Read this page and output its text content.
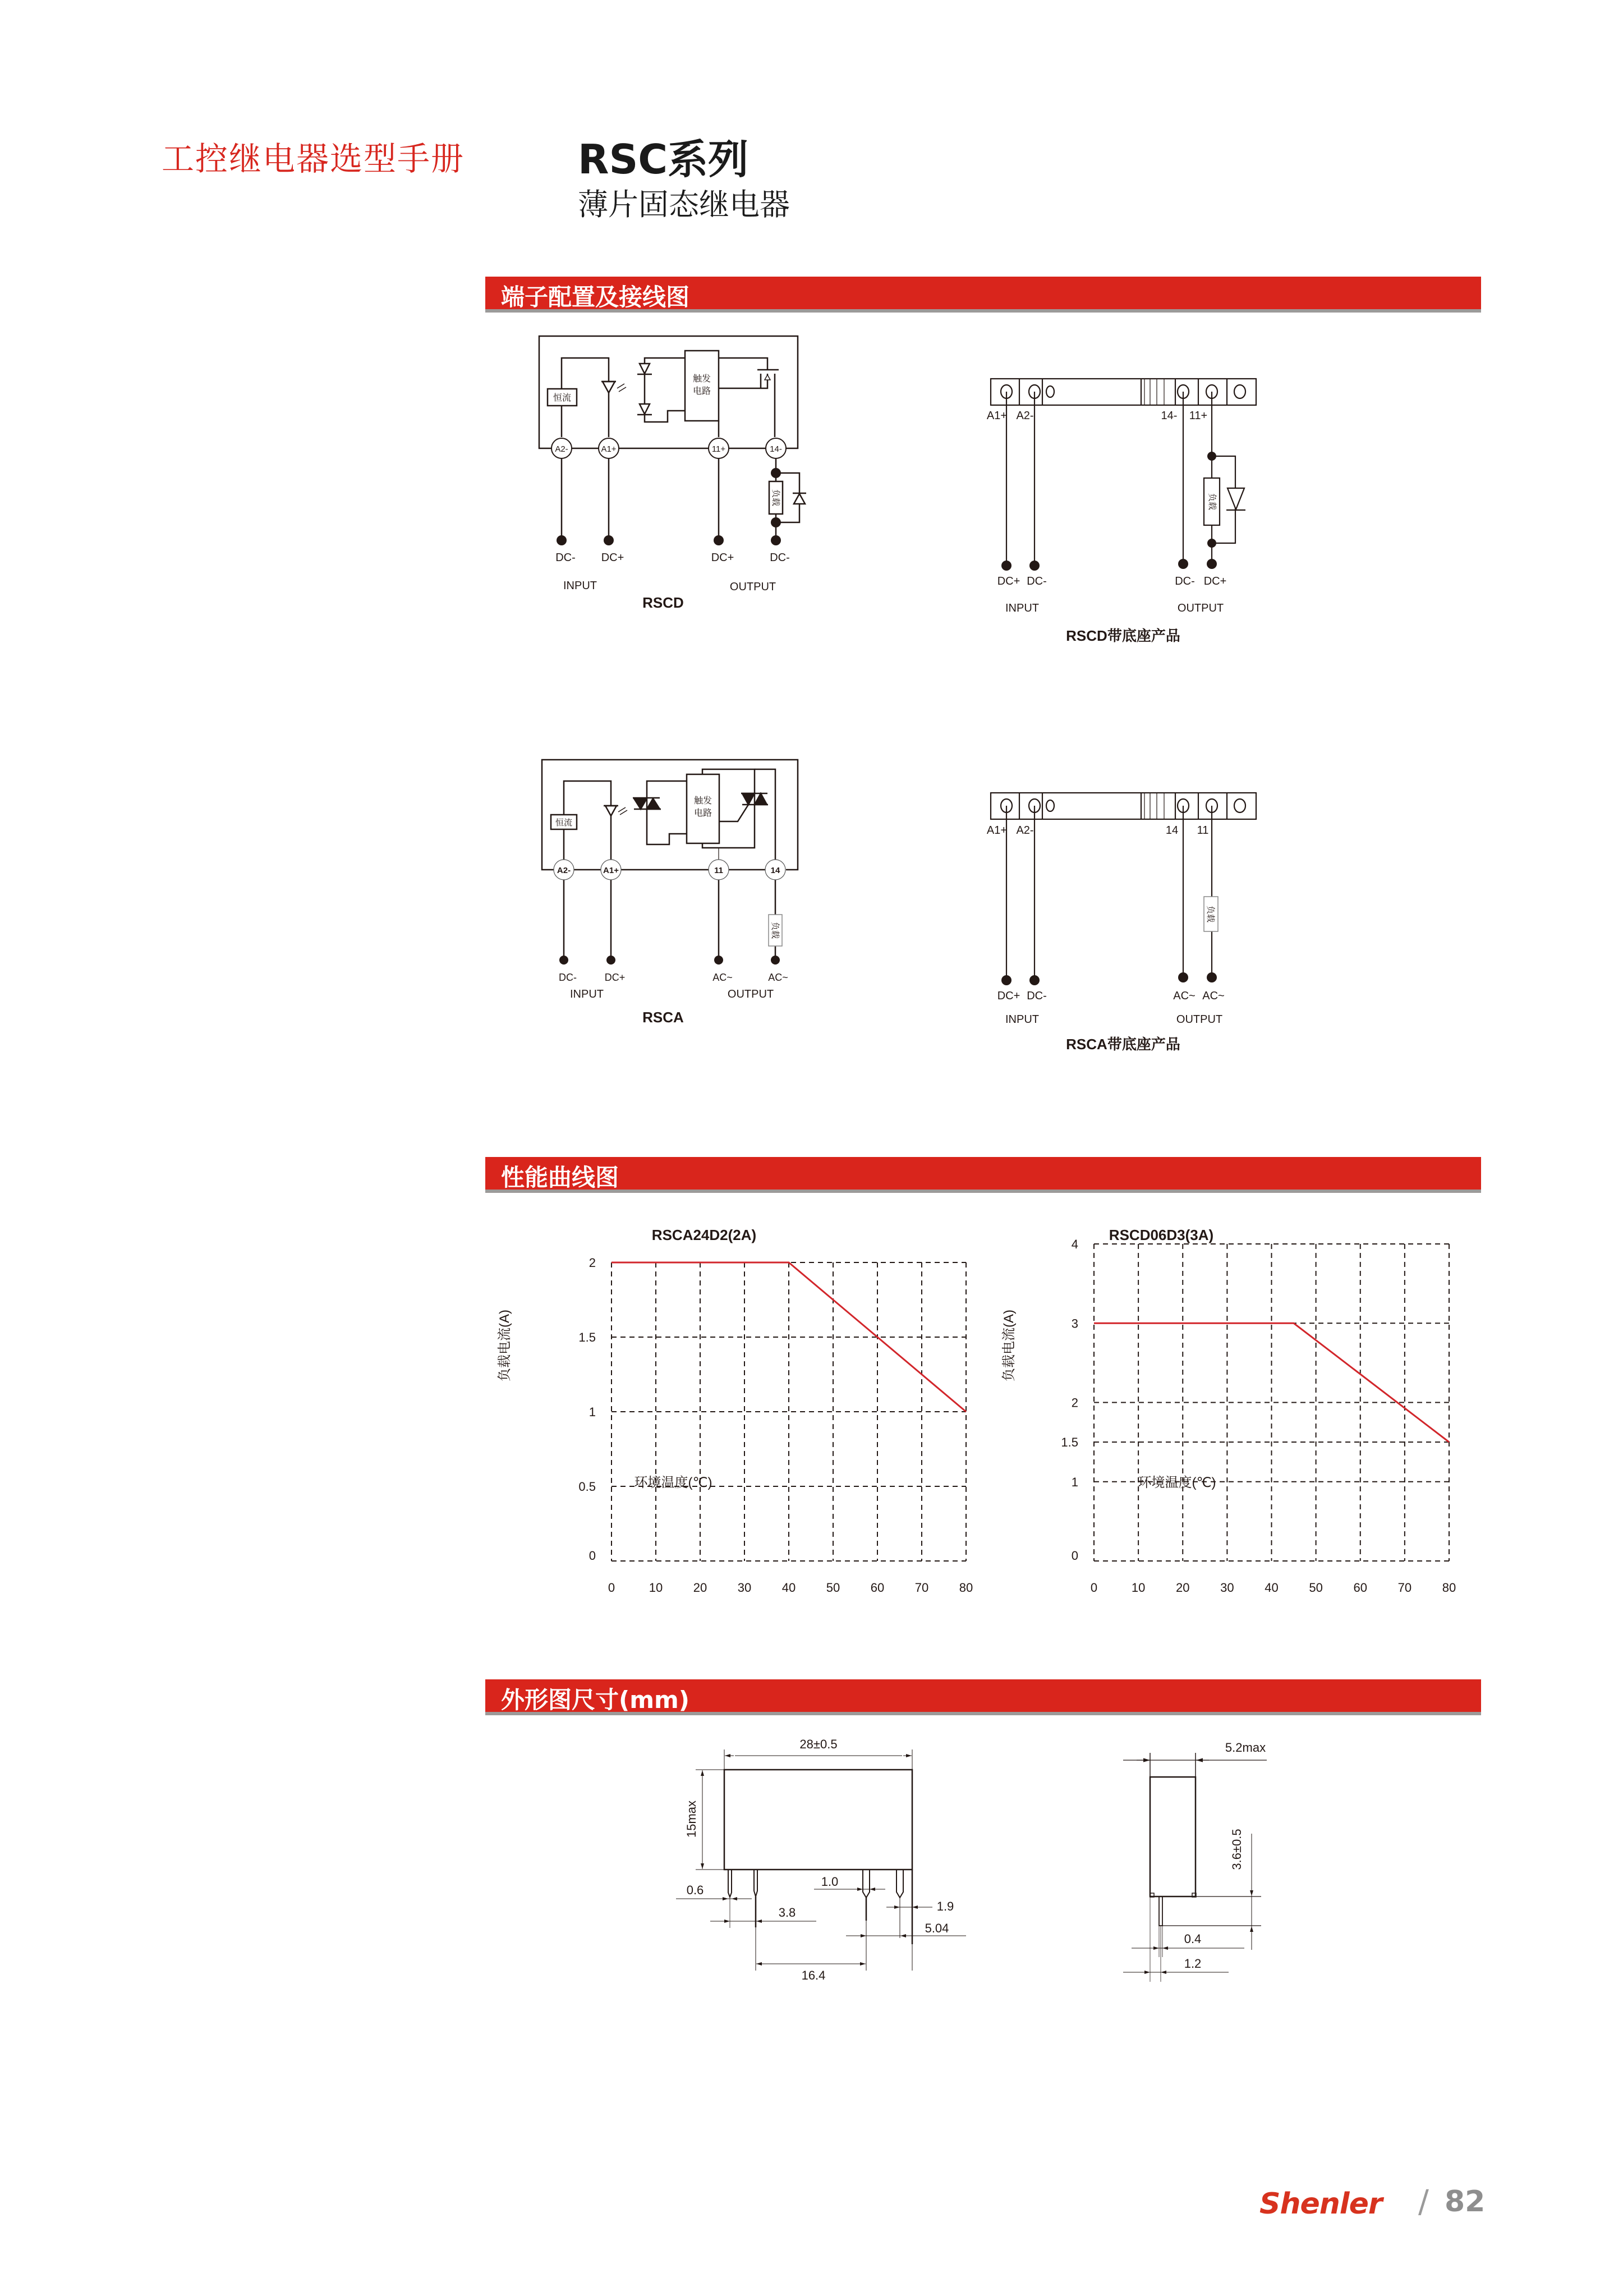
工控继电器选型手册	RSC系列
薄片固态继电器
端子配置及接线图
性能曲线图
外形图尺寸(mm)
A2-	A1+	11+	14-
恒流
触发
电路
负载
DC- DC+	DC+	DC-
INPUT	OUTPUT
RSCD
A1+ A2-	14- 11+
负载
DC+ DC-	DC- DC+
INPUT	OUTPUT
RSCD带底座产品
A2-	A1+	11	14
恒流
触发
电路
负载
DC-	DC+	AC~	AC~
INPUT	OUTPUT
RSCA
A1+ A2-	14 11
负载
DC+ DC-	AC~ AC~
INPUT	OUTPUT
RSCA带底座产品
0
0.5
1
1.5
2
0	10 20 30 40 50 60 70 80
RSCA24D2(2A)
负载电流(A)
环境温度(℃)
0
1
1.5
2
3
4
0	10 20 30 40 50 60 70 80
RSCD06D3(3A)
负载电流(A)
环境温度(℃)
28±0.5
15max
0.6
1.0
3.8	1.9
5.04
16.4
5.2max
3.6±0.5
0.4
1.2
Shenler / 82
